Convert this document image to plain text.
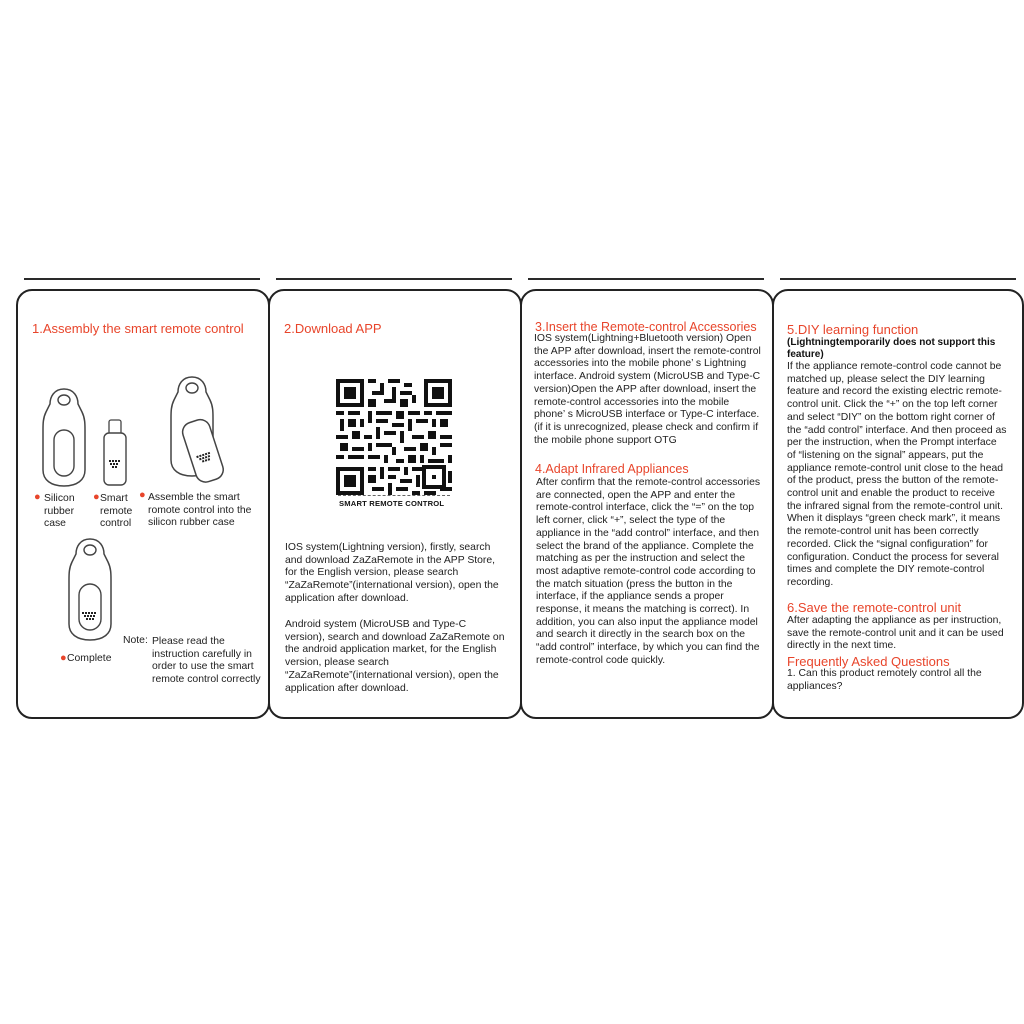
1.Assembly the smart remote control
● Silicon rubber case
● Smart remote control
● Assemble the smart romote control into the silicon rubber case
● Complete
Note: Please read the instruction carefully in order to use the smart remote control correctly
2.Download APP
SMART REMOTE CONTROL
IOS system(Lightning version), firstly, search and download ZaZaRemote in the APP Store, for the English version, please search “ZaZaRemote”(international version), open the application after download.
Android system (MicroUSB and Type-C version), search and download ZaZaRemote on the android application market, for the English version, please search “ZaZaRemote”(international version), open the application after download.
3.Insert the Remote-control Accessories
IOS system(Lightning+Bluetooth version) Open the APP after download, insert the remote-control accessories into the mobile phone’ s Lightning interface. Android system (MicroUSB and Type-C version)Open the APP after download, insert the remote-control accessories into the mobile phone’ s MicroUSB interface or Type-C interface.(if it is unrecognized, please check and confirm if the mobile phone support OTG
4.Adapt Infrared Appliances
After confirm that the remote-control accessories are connected, open the APP and enter the remote-control interface, click the “=” on the top left corner, click “+”, select the type of the appliance in the “add control” interface, and then select the brand of the appliance. Complete the matching as per the instruction and select the most adaptive remote-control code according to the match situation (press the button in the interface, if the appliance sends a proper response, it means the matching is correct). In addition, you can also input the appliance model and search it directly in the search box on the “add control” interface, by which you can find the remote-control code quickly.
5.DIY learning function
(Lightningtemporarily does not support this feature)
If the appliance remote-control code cannot be matched up, please select the DIY learning feature and record the existing electric remote-control unit. Click the “+” on the top left corner and select “DIY” on the bottom right corner of the “add control” interface. And then proceed as per the instruction, when the Prompt interface of “listening on the signal” appears, put the appliance remote-control unit close to the head of the product, press the button of the remote-control unit and enable the product to receive the infrared signal from the remote-control unit. When it displays “green check mark”, it means the remote-control unit has been correctly recorded. Click the “signal configuration” for configuration. Conduct the process for several times and complete the DIY remote-control recording.
6.Save the remote-control unit
After adapting the appliance as per instruction, save the remote-control unit and it can be used directly in the next time.
Frequently Asked Questions
1. Can this product remotely control all the appliances?
